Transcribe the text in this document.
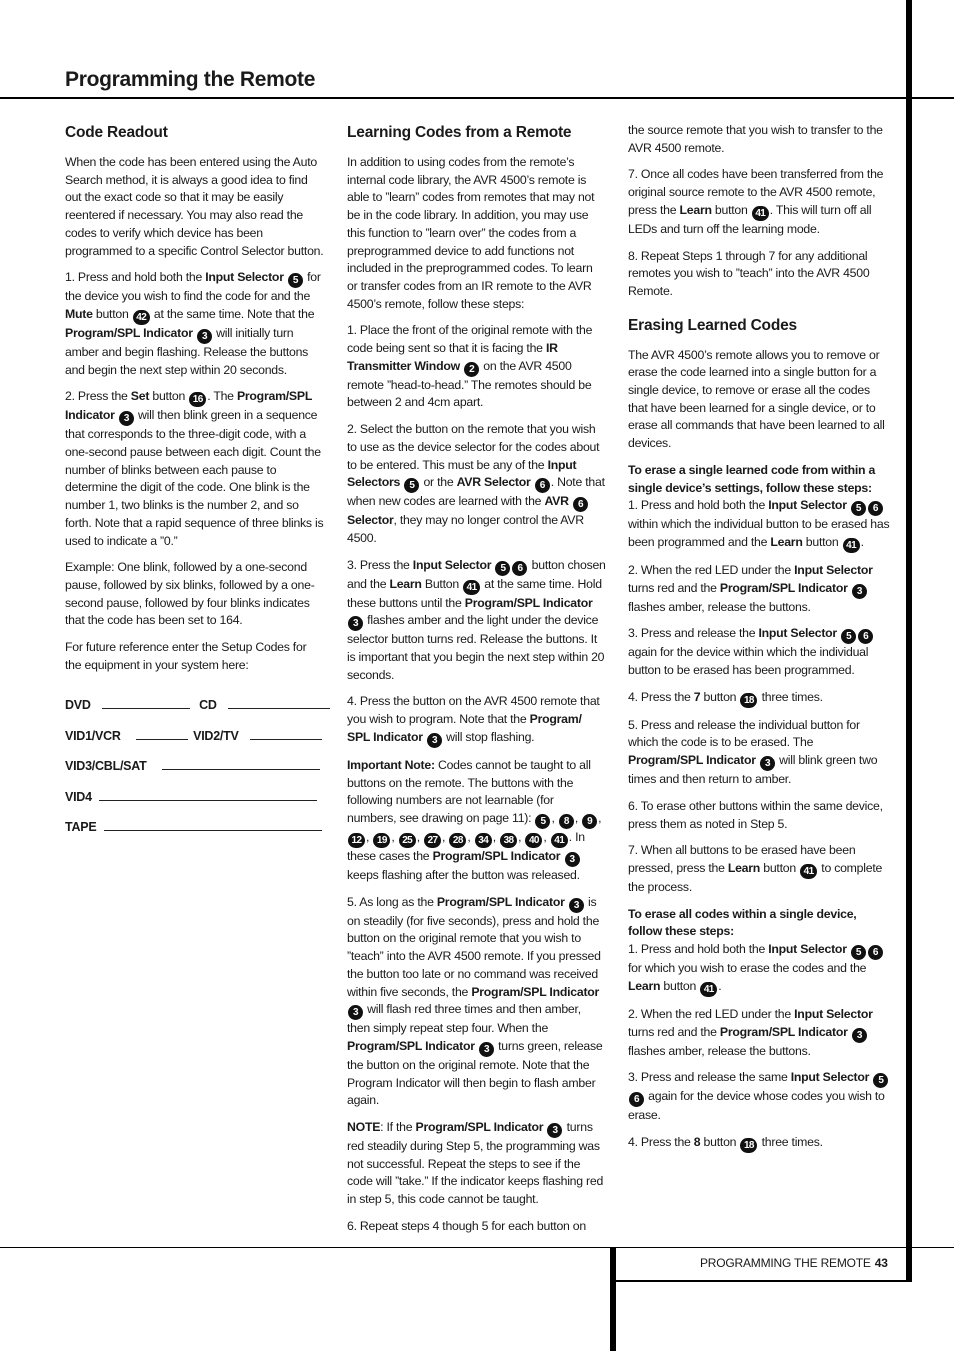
Programming the Remote
Code Readout

When the code has been entered using the Auto Search method, it is always a good idea to find out the exact code so that it may be easily reentered if necessary. You may also read the codes to verify which device has been programmed to a specific Control Selector button.

1. Press and hold both the Input Selector 5 for the device you wish to find the code for and the Mute button 42 at the same time. Note that the Program/SPL Indicator 3 will initially turn amber and begin flashing. Release the buttons and begin the next step within 20 seconds.

2. Press the Set button 16 . The Program/SPL Indicator 3 will then blink green in a sequence that corresponds to the three-digit code, with a one-second pause between each digit. Count the number of blinks between each pause to determine the digit of the code. One blink is the number 1, two blinks is the number 2, and so forth. Note that a rapid sequence of three blinks is used to indicate a ”0.”

Example: One blink, followed by a one-second pause, followed by six blinks, followed by a one-second pause, followed by four blinks indicates that the code has been set to 164.

For future reference enter the Setup Codes for the equipment in your system here:

DVD	CD
VID1/VCR	VID2/TV
VID3/CBL/SAT
VID4
TAPE
Learning Codes from a Remote

In addition to using codes from the remote’s internal code library, the AVR 4500’s remote is able to ”learn” codes from remotes that may not be in the code library. In addition, you may use this function to ”learn over” the codes from a preprogrammed device to add functions not included in the preprogrammed codes. To learn or transfer codes from an IR remote to the AVR 4500’s remote, follow these steps:

1. Place the front of the original remote with the code being sent so that it is facing the IR Transmitter Window 2 on the AVR 4500 remote ”head-to-head.” The remotes should be between 2 and 4cm apart.

2. Select the button on the remote that you wish to use as the device selector for the codes about to be entered. This must be any of the Input Selectors 5 or the AVR Selector 6 . Note that when new codes are learned with the AVR 6 Selector, they may no longer control the AVR 4500.

3. Press the Input Selector 5 6 button chosen and the Learn Button 41 at the same time. Hold these buttons until the Program/SPL Indicator 3 flashes amber and the light under the device selector button turns red. Release the buttons. It is important that you begin the next step within 20 seconds.

4. Press the button on the AVR 4500 remote that you wish to program. Note that the Program/ SPL Indicator 3 will stop flashing.

Important Note: Codes cannot be taught to all buttons on the remote. The buttons with the following numbers are not learnable (for numbers, see drawing on page 11): 5 , 8 , 9 , 12 , 19 , 25 , 27 , 28 , 34 , 38 , 40 , 41 . In these cases the Program/SPL Indicator 3 keeps flashing after the button was released.

5. As long as the Program/SPL Indicator 3 is on steadily (for five seconds), press and hold the button on the original remote that you wish to ”teach” into the AVR 4500 remote. If you pressed the button too late or no command was received within five seconds, the Program/SPL Indicator 3 will flash red three times and then amber, then simply repeat step four. When the Program/SPL Indicator 3 turns green, release the button on the original remote. Note that the Program Indicator will then begin to flash amber again.

NOTE: If the Program/SPL Indicator 3 turns red steadily during Step 5, the programming was not successful. Repeat the steps to see if the code will ”take.” If the indicator keeps flashing red in step 5, this code cannot be taught.

6. Repeat steps 4 though 5 for each button on

the source remote that you wish to transfer to the AVR 4500 remote.

7. Once all codes have been transferred from the original source remote to the AVR 4500 remote, press the Learn button 41 . This will turn off all LEDs and turn off the learning mode.

8. Repeat Steps 1 through 7 for any additional remotes you wish to ”teach” into the AVR 4500 Remote.

Erasing Learned Codes

The AVR 4500’s remote allows you to remove or erase the code learned into a single button for a single device, to remove or erase all the codes that have been learned for a single device, or to erase all commands that have been learned to all devices.

To erase a single learned code from within a single device’s settings, follow these steps:

1. Press and hold both the Input Selector 5 6 within which the individual button to be erased has been programmed and the Learn button 41 .

2. When the red LED under the Input Selector turns red and the Program/SPL Indicator 3 flashes amber, release the buttons.

3. Press and release the Input Selector 5 6 again for the device within which the individual button to be erased has been programmed.

4. Press the 7 button 18 three times.

5. Press and release the individual button for which the code is to be erased. The Program/SPL Indicator 3 will blink green two times and then return to amber.

6. To erase other buttons within the same device, press them as noted in Step 5.

7. When all buttons to be erased have been pressed, press the Learn button 41 to complete the process.

To erase all codes within a single device, follow these steps:

1. Press and hold both the Input Selector 5 6 for which you wish to erase the codes and the Learn button 41 .

2. When the red LED under the Input Selector turns red and the Program/SPL Indicator 3 flashes amber, release the buttons.

3. Press and release the same Input Selector 56 again for the device whose codes you wish to erase.

4. Press the 8 button 18 three times.

PROGRAMMING THE REMOTE 43
